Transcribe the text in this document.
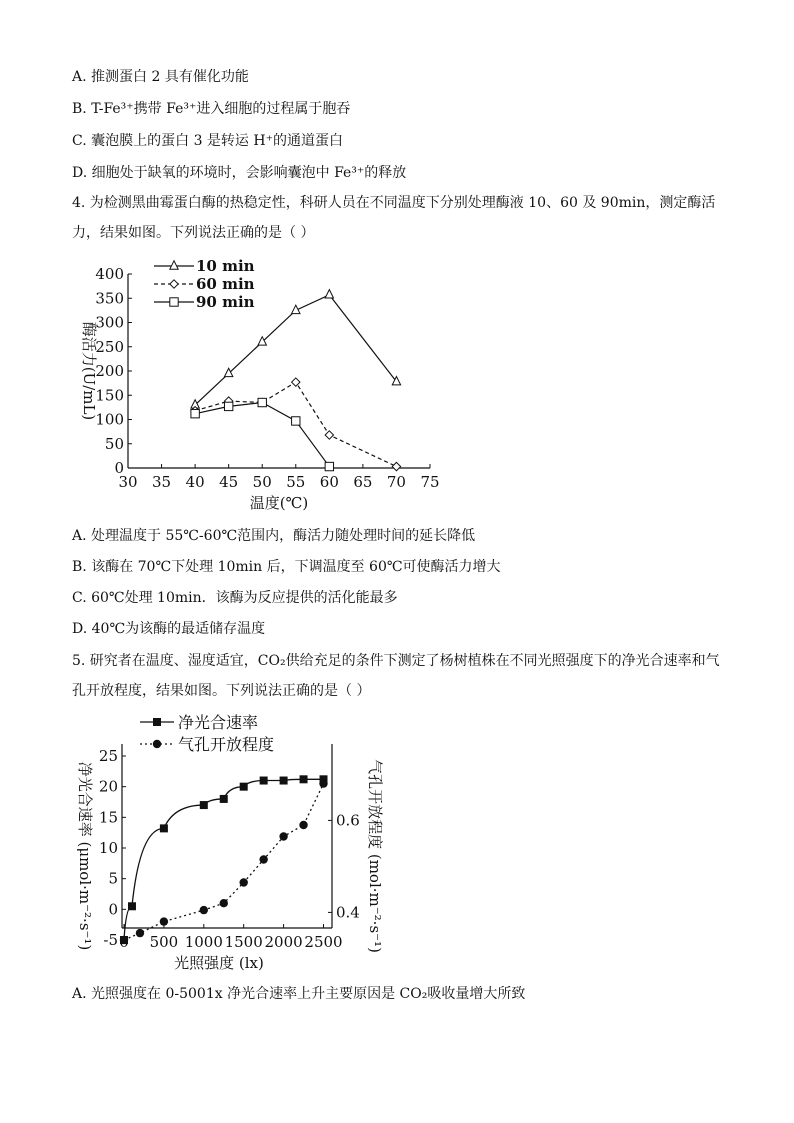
A. 推测蛋白 2 具有催化功能
B. T-Fe³⁺携带 Fe³⁺进入细胞的过程属于胞吞
C. 囊泡膜上的蛋白 3 是转运 H⁺的通道蛋白
D. 细胞处于缺氧的环境时，会影响囊泡中 Fe³⁺的释放
4. 为检测黑曲霉蛋白酶的热稳定性，科研人员在不同温度下分别处理酶液 10、60 及 90min，测定酶活
力，结果如图。下列说法正确的是（ ）
30 35 40 45 50 55 60 65 70 75
0
50
100
150
200
250
300
350
400
温度(℃)
酶活力(U/mL)
10 min
60 min
90 min
A. 处理温度于 55℃-60℃范围内，酶活力随处理时间的延长降低
B. 该酶在 70℃下处理 10min 后，下调温度至 60℃可使酶活力增大
C. 60℃处理 10min．该酶为反应提供的活化能最多
D. 40℃为该酶的最适储存温度
5. 研究者在温度、湿度适宜，CO₂供给充足的条件下测定了杨树植株在不同光照强度下的净光合速率和气
孔开放程度，结果如图。下列说法正确的是（ ）
500 1000 1500 2000 2500
-5
0
5
10
15
20
25
0.4
0.6
光照强度 (lx)
净光合速率 (μmol·m⁻²·s⁻¹)	气孔开放程度 (mol·m⁻²·s⁻¹)
净光合速率
气孔开放程度
A. 光照强度在 0-5001x 净光合速率上升主要原因是 CO₂吸收量增大所致
